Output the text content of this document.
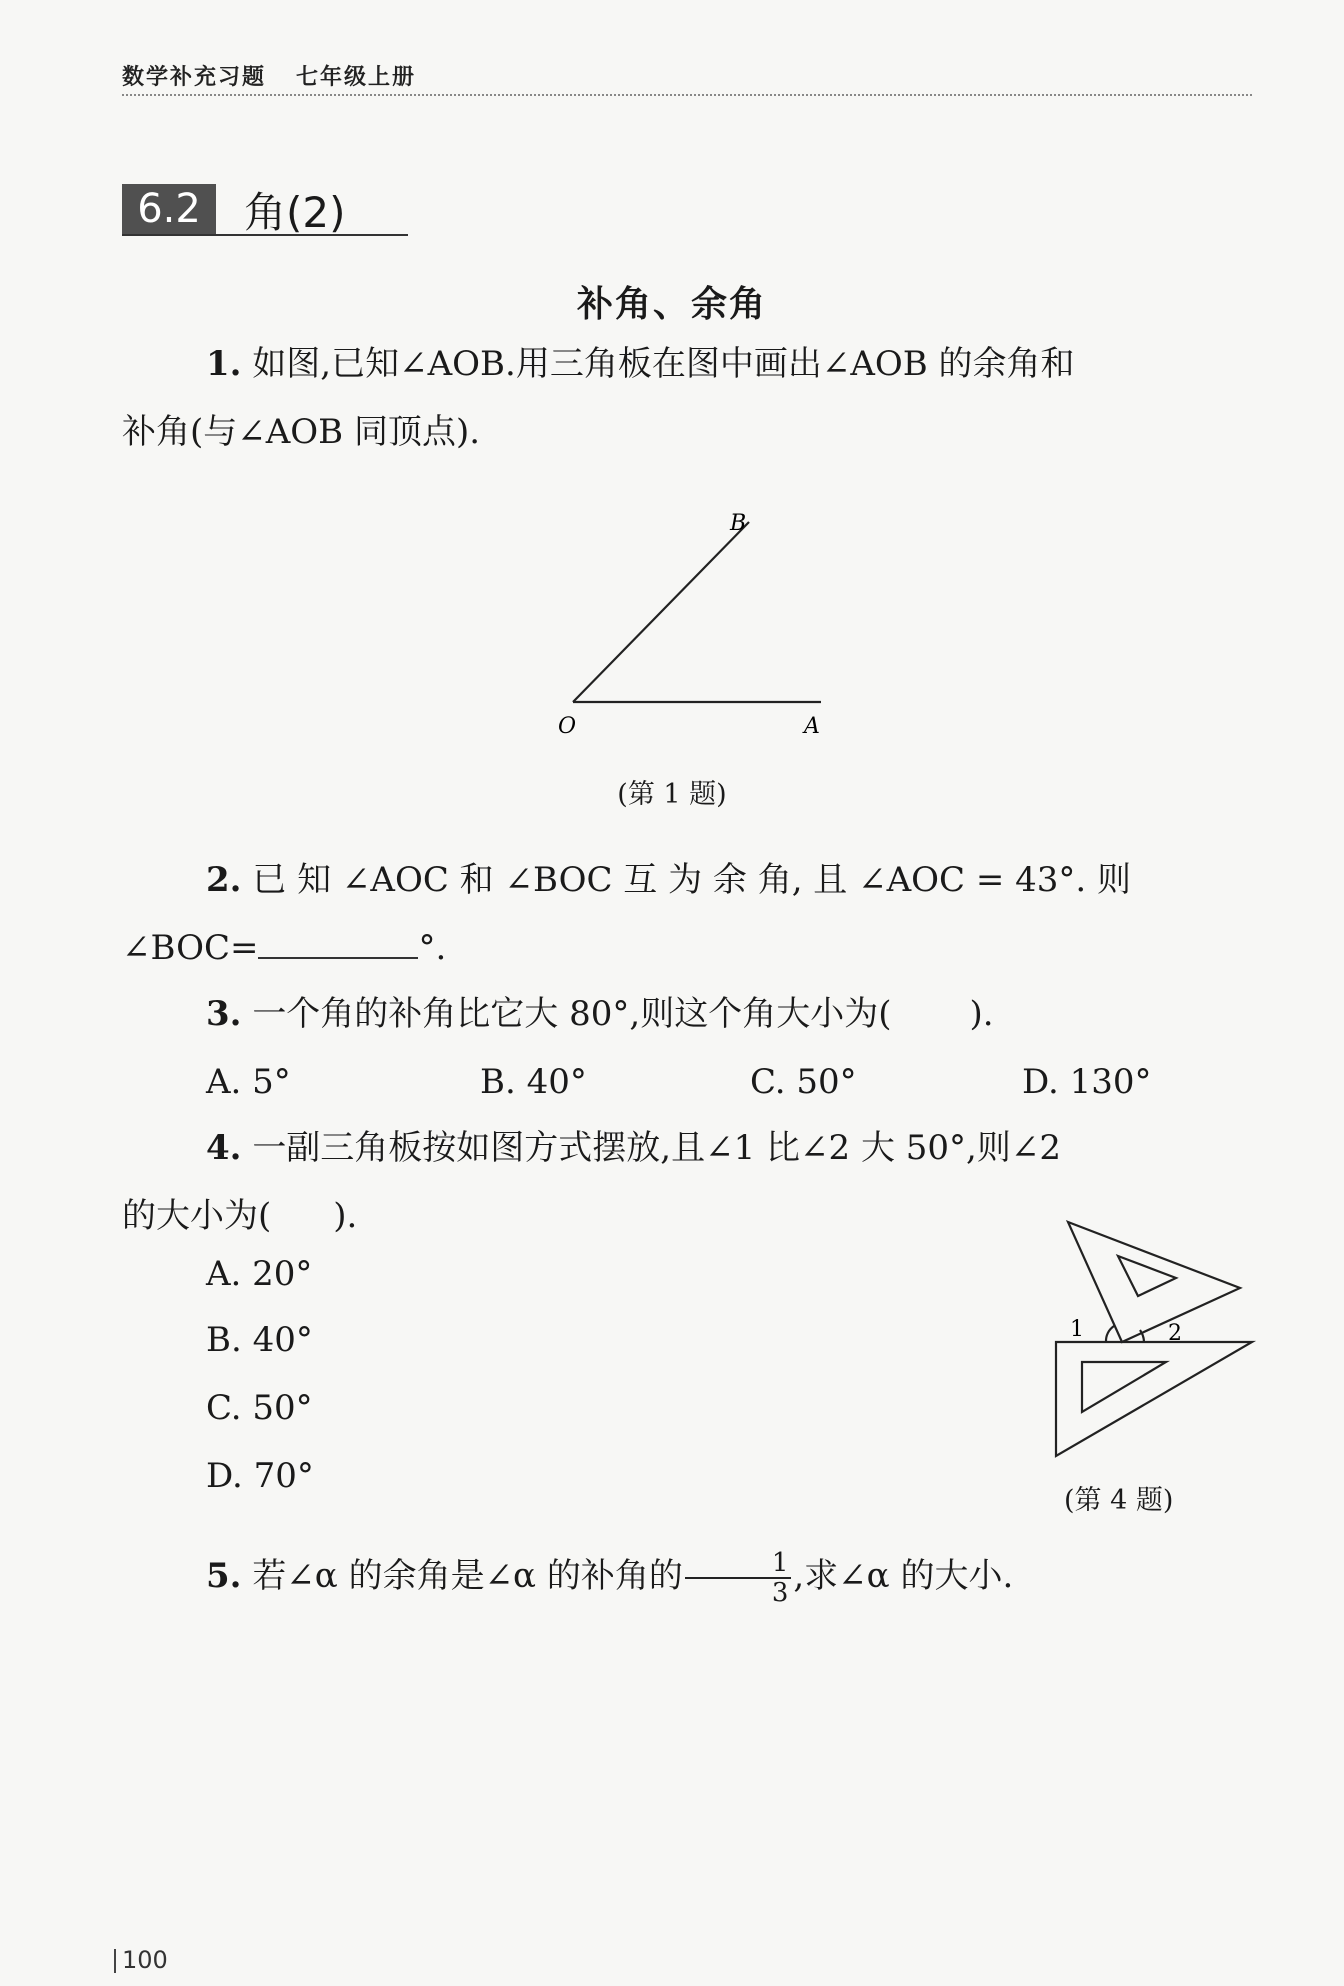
数学补充习题 七年级上册
6.2	角(2)
补角、余角
1. 如图,已知∠AOB.用三角板在图中画出∠AOB 的余角和
补角(与∠AOB 同顶点).
B
O	A
(第 1 题)
2. 已 知 ∠AOC 和 ∠BOC 互 为 余 角, 且 ∠AOC = 43°. 则
∠BOC=	°.
3. 一个角的补角比它大 80°,则这个角大小为( ).
A. 5°	B. 40°	C. 50°	D. 130°
4. 一副三角板按如图方式摆放,且∠1 比∠2 大 50°,则∠2
的大小为( ).
A. 20°
B. 40°
C. 50°
D. 70°
1	2
(第 4 题)
5. 若∠α 的余角是∠α 的补角的 $\frac{1}{3}$ ,求∠α 的大小.
100
